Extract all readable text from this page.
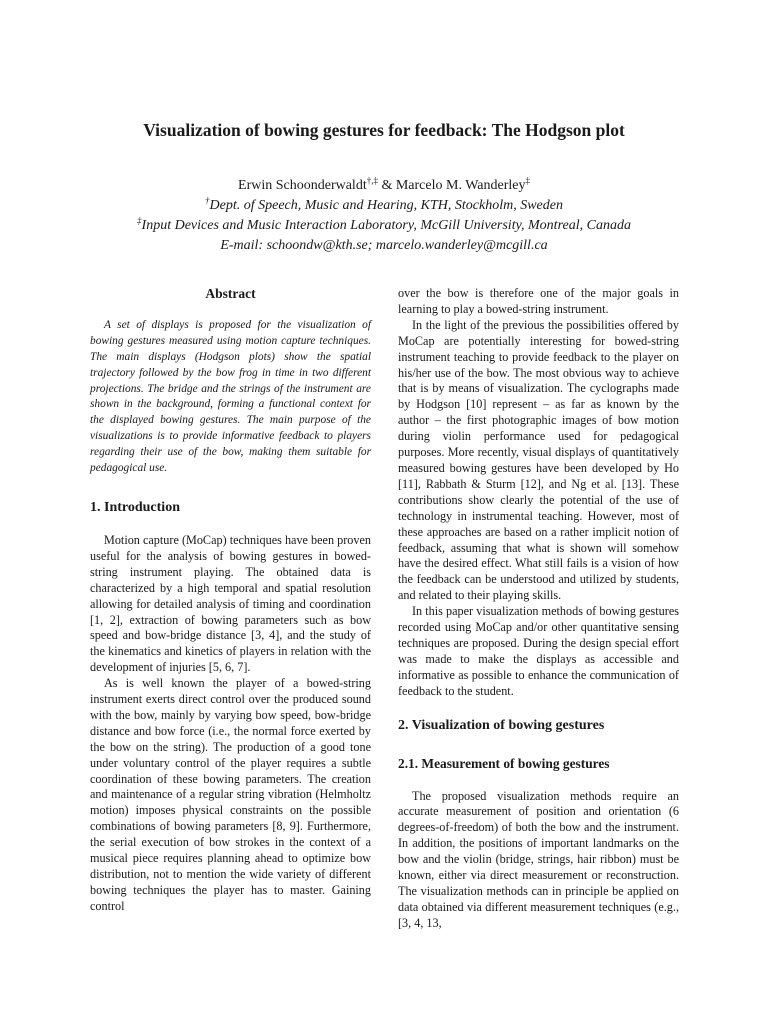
Visualization of bowing gestures for feedback: The Hodgson plot
Erwin Schoonderwaldt†,‡ & Marcelo M. Wanderley‡
†Dept. of Speech, Music and Hearing, KTH, Stockholm, Sweden
‡Input Devices and Music Interaction Laboratory, McGill University, Montreal, Canada
E-mail: schoondw@kth.se; marcelo.wanderley@mcgill.ca
Abstract

A set of displays is proposed for the visualization of bowing gestures measured using motion capture techniques. The main displays (Hodgson plots) show the spatial trajectory followed by the bow frog in time in two different projections. The bridge and the strings of the instrument are shown in the background, forming a functional context for the displayed bowing gestures. The main purpose of the visualizations is to provide informative feedback to players regarding their use of the bow, making them suitable for pedagogical use.

1. Introduction

Motion capture (MoCap) techniques have been proven useful for the analysis of bowing gestures in bowed-string instrument playing. The obtained data is characterized by a high temporal and spatial resolution allowing for detailed analysis of timing and coordination [1, 2], extraction of bowing parameters such as bow speed and bow-bridge distance [3, 4], and the study of the kinematics and kinetics of players in relation with the development of injuries [5, 6, 7].

As is well known the player of a bowed-string instrument exerts direct control over the produced sound with the bow, mainly by varying bow speed, bow-bridge distance and bow force (i.e., the normal force exerted by the bow on the string). The production of a good tone under voluntary control of the player requires a subtle coordination of these bowing parameters. The creation and maintenance of a regular string vibration (Helmholtz motion) imposes physical constraints on the possible combinations of bowing parameters [8, 9]. Furthermore, the serial execution of bow strokes in the context of a musical piece requires planning ahead to optimize bow distribution, not to mention the wide variety of different bowing techniques the player has to master. Gaining control

over the bow is therefore one of the major goals in learning to play a bowed-string instrument.

In the light of the previous the possibilities offered by MoCap are potentially interesting for bowed-string instrument teaching to provide feedback to the player on his/her use of the bow. The most obvious way to achieve that is by means of visualization. The cyclographs made by Hodgson [10] represent – as far as known by the author – the first photographic images of bow motion during violin performance used for pedagogical purposes. More recently, visual displays of quantitatively measured bowing gestures have been developed by Ho [11], Rabbath & Sturm [12], and Ng et al. [13]. These contributions show clearly the potential of the use of technology in instrumental teaching. However, most of these approaches are based on a rather implicit notion of feedback, assuming that what is shown will somehow have the desired effect. What still fails is a vision of how the feedback can be understood and utilized by students, and related to their playing skills.

In this paper visualization methods of bowing gestures recorded using MoCap and/or other quantitative sensing techniques are proposed. During the design special effort was made to make the displays as accessible and informative as possible to enhance the communication of feedback to the student.

2. Visualization of bowing gestures
2.1. Measurement of bowing gestures

The proposed visualization methods require an accurate measurement of position and orientation (6 degrees-of-freedom) of both the bow and the instrument. In addition, the positions of important landmarks on the bow and the violin (bridge, strings, hair ribbon) must be known, either via direct measurement or reconstruction. The visualization methods can in principle be applied on data obtained via different measurement techniques (e.g., [3, 4, 13,
